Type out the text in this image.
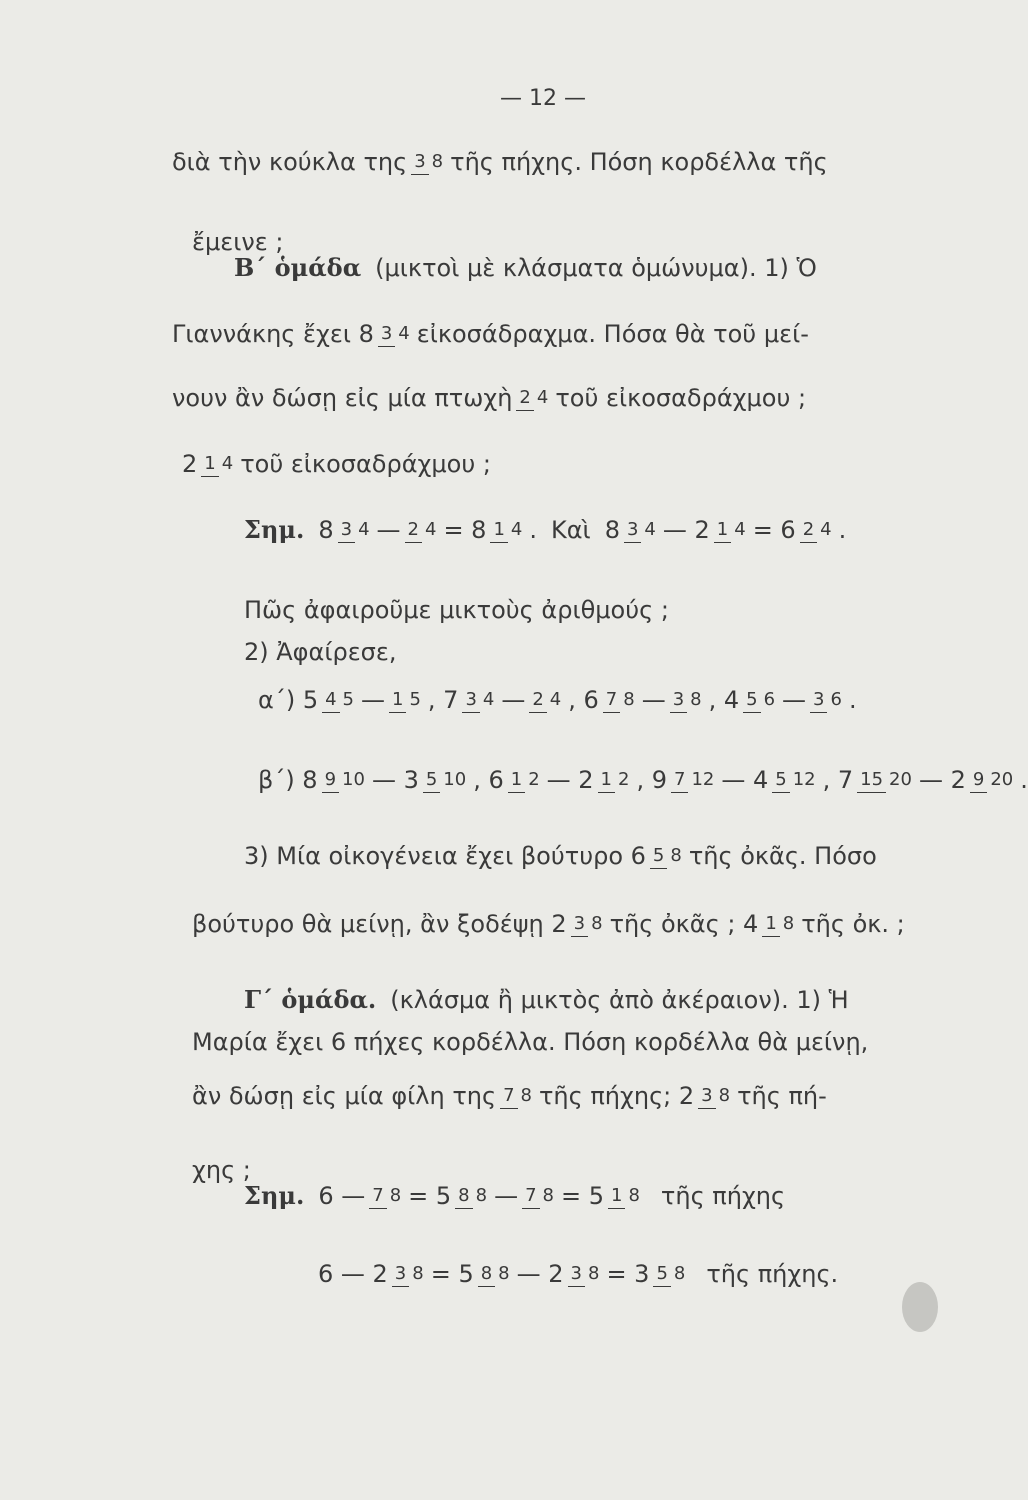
— 12 —
διὰ τὴν κούκλα της 3 8 τῆς πήχης. Πόση κορδέλλα τῆς
ἔμεινε ;
Β΄ ὁμάδα (μικτοὶ μὲ κλάσματα ὁμώνυμα). 1) Ὁ
Γιαννάκης ἔχει 8 3 4 εἰκοσάδραχμα. Πόσα θὰ τοῦ μεί-
νουν ἂν δώσῃ εἰς μία πτωχὴ 2 4 τοῦ εἰκοσαδράχμου ;
2 1 4 τοῦ εἰκοσαδράχμου ;
Σημ. 8 3 4 — 2 4 = 8 1 4 . Καὶ 8 3 4 — 2 1 4 = 6 2 4 .
Πῶς ἀφαιροῦμε μικτοὺς ἀριθμούς ;
2) Ἀφαίρεσε,
α΄) 5 4 5 — 1 5 , 7 3 4 — 2 4 , 6 7 8 — 3 8 , 4 5 6 — 3 6 .
β΄) 8 9 10 — 3 5 10 , 6 1 2 — 2 1 2 , 9 7 12 — 4 5 12 , 7 15 20 — 2 9 20 .
3) Μία οἰκογένεια ἔχει βούτυρο 6 5 8 τῆς ὀκᾶς. Πόσο
βούτυρο θὰ μείνῃ, ἂν ξοδέψῃ 2 3 8 τῆς ὀκᾶς ; 4 1 8 τῆς ὀκ. ;
Γ΄ ὁμάδα. (κλάσμα ἢ μικτὸς ἀπὸ ἀκέραιον). 1) Ἡ
Μαρία ἔχει 6 πήχες κορδέλλα. Πόση κορδέλλα θὰ μείνῃ,
ἂν δώσῃ εἰς μία φίλη της 7 8 τῆς πήχης; 2 3 8 τῆς πή-
χης ;
Σημ. 6 — 7 8 = 5 8 8 — 7 8 = 5 1 8 τῆς πήχης
6 — 2 3 8 = 5 8 8 — 2 3 8 = 3 5 8 τῆς πήχης.
